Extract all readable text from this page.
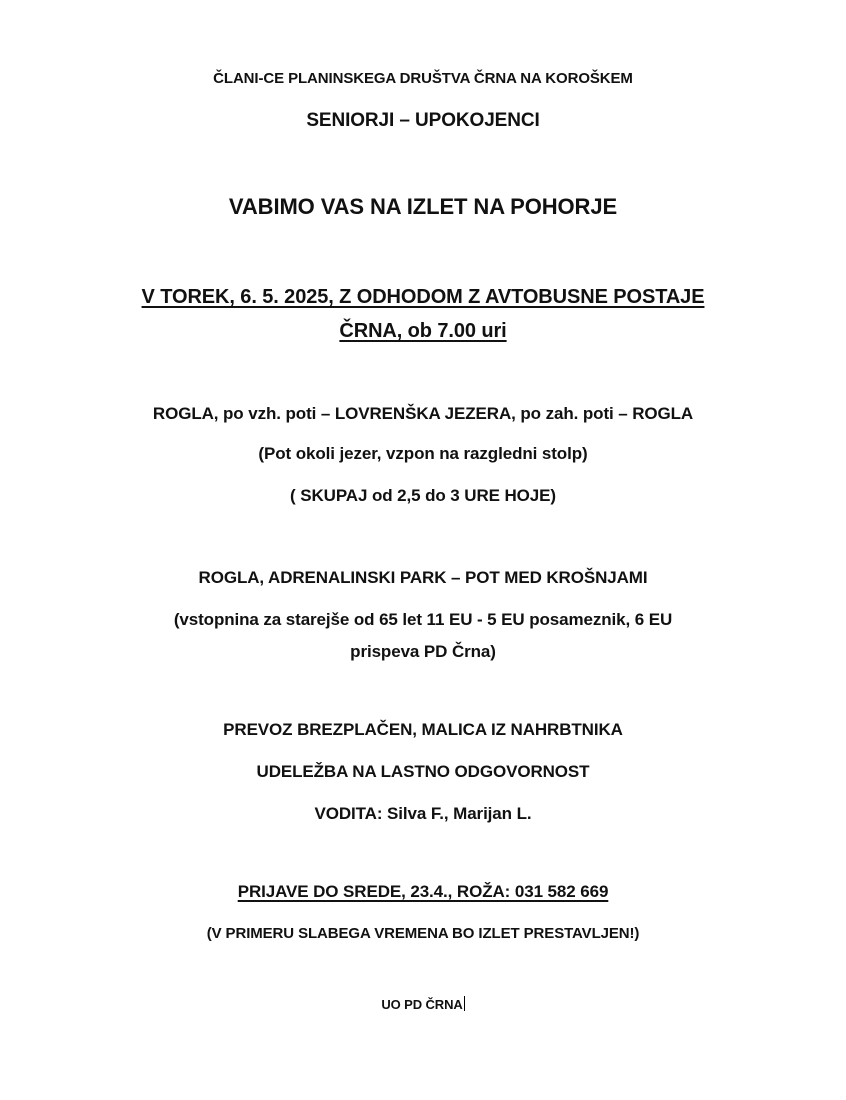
ČLANI-CE PLANINSKEGA DRUŠTVA ČRNA NA KOROŠKEM
SENIORJI – UPOKOJENCI
VABIMO VAS NA IZLET NA POHORJE
V TOREK, 6. 5. 2025, Z ODHODOM Z AVTOBUSNE POSTAJE
ČRNA, ob 7.00 uri
ROGLA, po vzh. poti – LOVRENŠKA JEZERA, po zah. poti – ROGLA
(Pot okoli jezer, vzpon na razgledni stolp)
( SKUPAJ od 2,5 do 3 URE HOJE)
ROGLA, ADRENALINSKI PARK – POT MED KROŠNJAMI
(vstopnina za starejše od 65 let 11 EU - 5 EU posameznik, 6 EU
prispeva PD Črna)
PREVOZ BREZPLAČEN, MALICA IZ NAHRBTNIKA
UDELEŽBA NA LASTNO ODGOVORNOST
VODITA: Silva F., Marijan L.
PRIJAVE DO SREDE, 23.4., ROŽA: 031 582 669
(V PRIMERU SLABEGA VREMENA BO IZLET PRESTAVLJEN!)
UO PD ČRNA
